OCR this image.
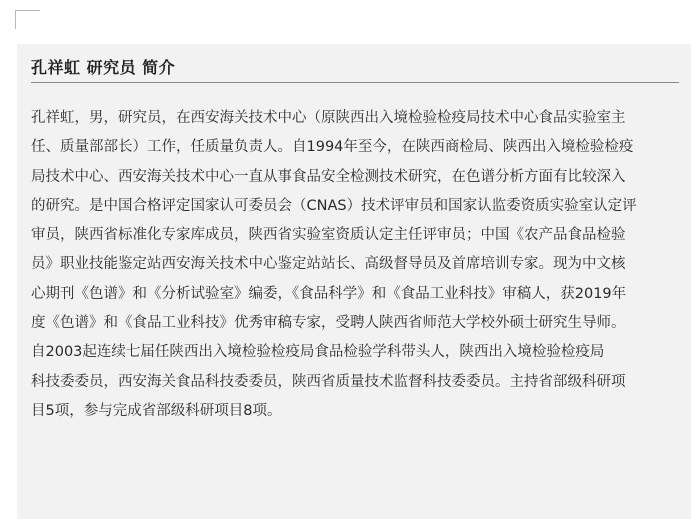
孔祥虹 研究员 简介
孔祥虹，男，研究员，在西安海关技术中心（原陕西出入境检验检疫局技术中心食品实验室主
任、质量部部长）工作，任质量负责人。自1994年至今，在陕西商检局、陕西出入境检验检疫
局技术中心、西安海关技术中心一直从事食品安全检测技术研究，在色谱分析方面有比较深入
的研究。是中国合格评定国家认可委员会（CNAS）技术评审员和国家认监委资质实验室认定评
审员，陕西省标准化专家库成员，陕西省实验室资质认定主任评审员；中国《农产品食品检验
员》职业技能鉴定站西安海关技术中心鉴定站站长、高级督导员及首席培训专家。现为中文核
心期刊《色谱》和《分析试验室》编委，《食品科学》和《食品工业科技》审稿人，获2019年
度《色谱》和《食品工业科技》优秀审稿专家，受聘人陕西省师范大学校外硕士研究生导师。
自2003起连续七届任陕西出入境检验检疫局食品检验学科带头人，陕西出入境检验检疫局
科技委委员，西安海关食品科技委委员，陕西省质量技术监督科技委委员。主持省部级科研项
目5项，参与完成省部级科研项目8项。
